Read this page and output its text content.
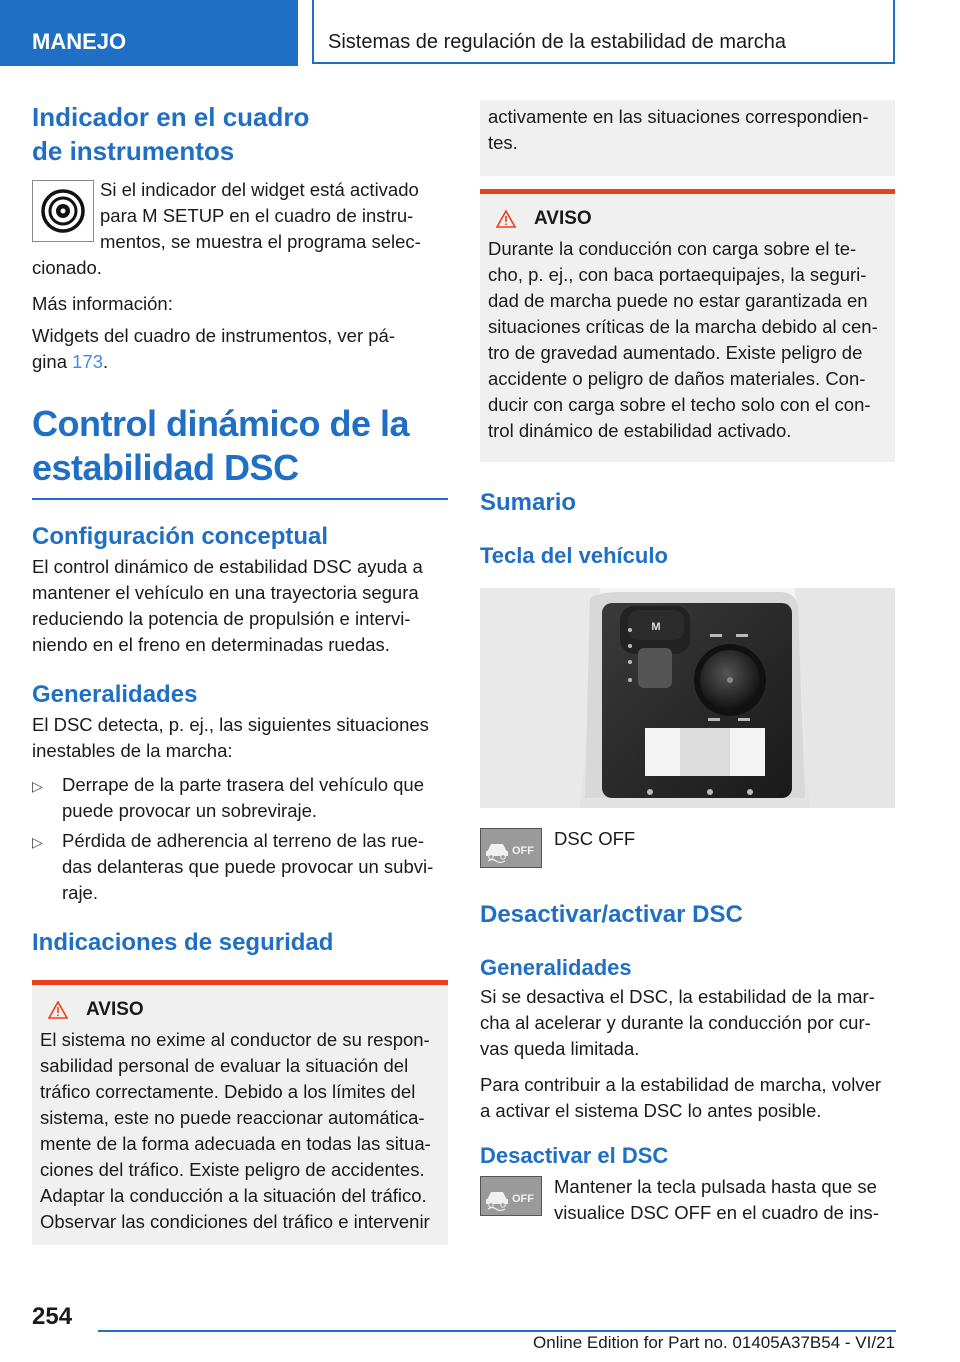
MANEJO	Sistemas de regulación de la estabilidad de marcha
Indicador en el cuadro
de instrumentos

Si el indicador del widget está activado
para M SETUP en el cuadro de instru-
mentos, se muestra el programa selec-

cionado.

Más información:

Widgets del cuadro de instrumentos, ver pá-
gina 173.

Control dinámico de la
estabilidad DSC
Configuración conceptual

El control dinámico de estabilidad DSC ayuda a mantener el vehículo en una trayectoria segura reduciendo la potencia de propulsión e intervi-niendo en el freno en determinadas ruedas.

Generalidades

El DSC detecta, p. ej., las siguientes situaciones inestables de la marcha:

▷ Derrape de la parte trasera del vehículo que puede provocar un sobreviraje.
▷ Pérdida de adherencia al terreno de las rue-das delanteras que puede provocar un subvi-raje.
Indicaciones de seguridad
AVISO

El sistema no exime al conductor de su respon-sabilidad personal de evaluar la situación del tráfico correctamente. Debido a los límites del sistema, este no puede reaccionar automática-mente de la forma adecuada en todas las situa-ciones del tráfico. Existe peligro de accidentes. Adaptar la conducción a la situación del tráfico. Observar las condiciones del tráfico e intervenir

activamente en las situaciones correspondien-tes.

AVISO

Durante la conducción con carga sobre el te-cho, p. ej., con baca portaequipajes, la seguri-dad de marcha puede no estar garantizada en situaciones críticas de la marcha debido al cen-tro de gravedad aumentado. Existe peligro de accidente o peligro de daños materiales. Con-ducir con carga sobre el techo solo con el con-trol dinámico de estabilidad activado.

Sumario
Tecla del vehículo
M
OFF

DSC OFF

Desactivar/activar DSC
Generalidades

Si se desactiva el DSC, la estabilidad de la mar-cha al acelerar y durante la conducción por cur-vas queda limitada.

Para contribuir a la estabilidad de marcha, volver a activar el sistema DSC lo antes posible.

Desactivar el DSC
OFF

Mantener la tecla pulsada hasta que se visualice DSC OFF en el cuadro de ins-

254
Online Edition for Part no. 01405A37B54 - VI/21
